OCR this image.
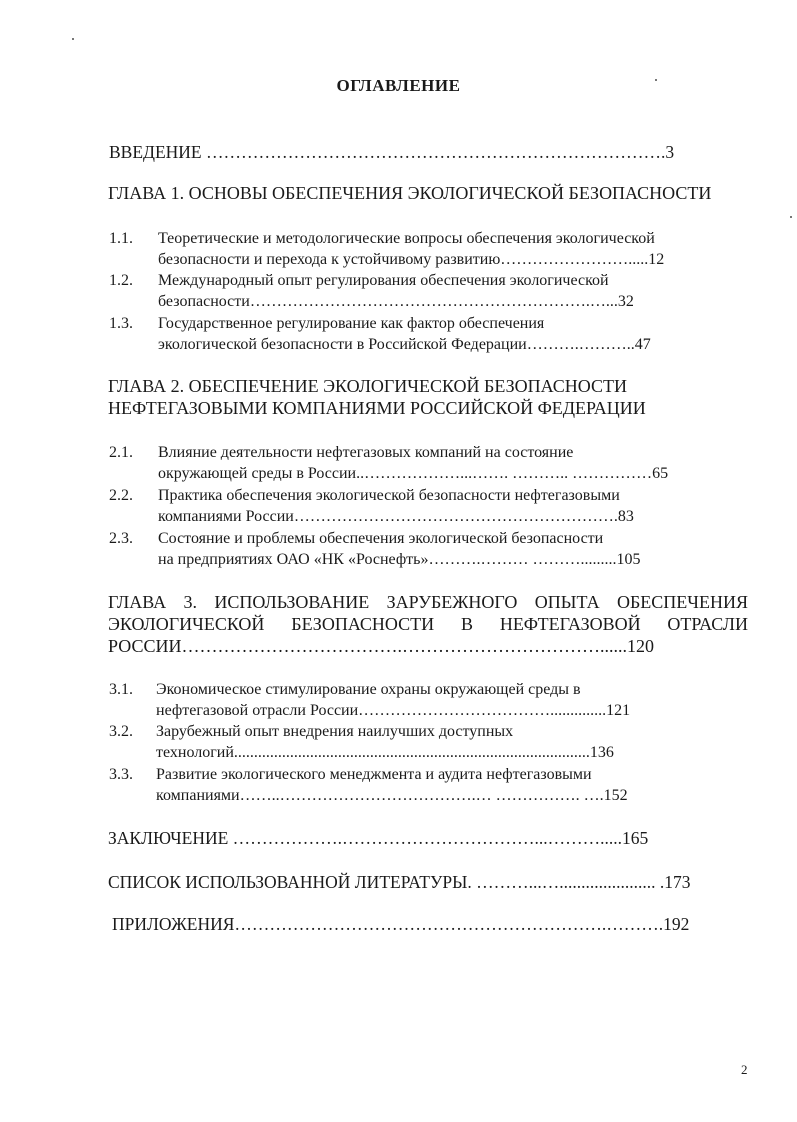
ОГЛАВЛЕНИЕ
ВВЕДЕНИЕ …………………………………………………………………….3
ГЛАВА 1. ОСНОВЫ ОБЕСПЕЧЕНИЯ ЭКОЛОГИЧЕСКОЙ БЕЗОПАСНОСТИ
1.1. Теоретические и методологические вопросы обеспечения экологической
безопасности и перехода к устойчивому развитию…………………….....12
1.2. Международный опыт регулирования обеспечения экологической
безопасности……………………………………………………….…...32
1.3. Государственное регулирование как фактор обеспечения
экологической безопасности в Российской Федерации……….………..47
ГЛАВА 2. ОБЕСПЕЧЕНИЕ ЭКОЛОГИЧЕСКОЙ БЕЗОПАСНОСТИ
НЕФТЕГАЗОВЫМИ КОМПАНИЯМИ РОССИЙСКОЙ ФЕДЕРАЦИИ
2.1. Влияние деятельности нефтегазовых компаний на состояние
окружающей среды в России..………………...……. ……….. ……………65
2.2. Практика обеспечения экологической безопасности нефтегазовыми
компаниями России…………………………………………………….83
2.3. Состояние и проблемы обеспечения экологической безопасности
на предприятиях ОАО «НК «Роснефть»……….……… ……….........105
ГЛАВА 3. ИСПОЛЬЗОВАНИЕ ЗАРУБЕЖНОГО ОПЫТА ОБЕСПЕЧЕНИЯ
ЭКОЛОГИЧЕСКОЙ БЕЗОПАСНОСТИ В НЕФТЕГАЗОВОЙ ОТРАСЛИ
РОССИИ……………………………….……………………………......120
3.1. Экономическое стимулирование охраны окружающей среды в
нефтегазовой отрасли России………………………………..............121
3.2. Зарубежный опыт внедрения наилучших доступных
технологий.........................................................................................136
3.3. Развитие экологического менеджмента и аудита нефтегазовыми
компаниями……..……………………………….… ……………. ….152
ЗАКЛЮЧЕНИЕ ……………….……………………………...……….....165
СПИСОК ИСПОЛЬЗОВАННОЙ ЛИТЕРАТУРЫ. ………...…...................... .173
ПРИЛОЖЕНИЯ……………………………………………………….……….192
2
